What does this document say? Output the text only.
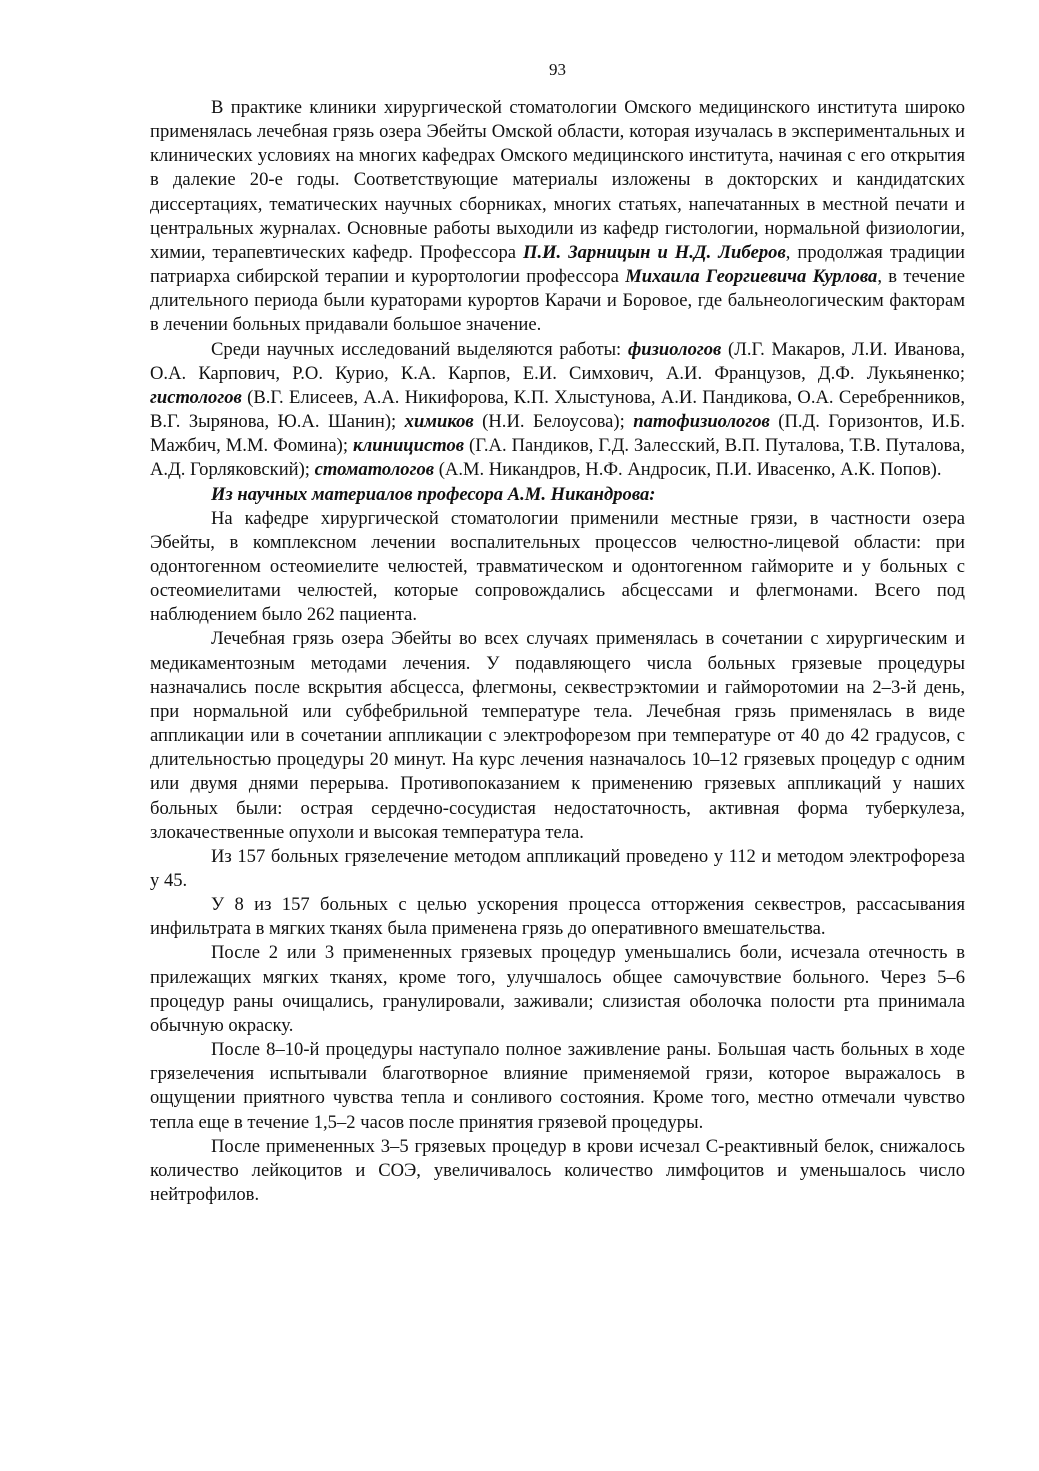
93

В практике клиники хирургической стоматологии Омского медицинского института широко применялась лечебная грязь озера Эбейты Омской области, которая изучалась в экспериментальных и клинических условиях на многих кафедрах Омского медицинского института, начиная с его открытия в далекие 20-е годы. Соответствующие материалы изложены в докторских и кандидатских диссертациях, тематических научных сборниках, многих статьях, напечатанных в местной печати и центральных журналах. Основные работы выходили из кафедр гистологии, нормальной физиологии, химии, терапевтических кафедр. Профессора П.И. Зарницын и Н.Д. Либеров, продолжая традиции патриарха сибирской терапии и курортологии профессора Михаила Георгиевича Курлова, в течение длительного периода были кураторами курортов Карачи и Боровое, где бальнеологическим факторам в лечении больных придавали большое значение.

Среди научных исследований выделяются работы: физиологов (Л.Г. Макаров, Л.И. Иванова, О.А. Карпович, Р.О. Курио, К.А. Карпов, Е.И. Симхович, А.И. Французов, Д.Ф. Лукьяненко; гистологов (В.Г. Елисеев, А.А. Никифорова, К.П. Хлыстунова, А.И. Пандикова, О.А. Серебренников, В.Г. Зырянова, Ю.А. Шанин); химиков (Н.И. Белоусова); патофизиологов (П.Д. Горизонтов, И.Б. Мажбич, М.М. Фомина); клиницистов (Г.А. Пандиков, Г.Д. Залесский, В.П. Путалова, Т.В. Путалова, А.Д. Горляковский); стоматологов (А.М. Никандров, Н.Ф. Андросик, П.И. Ивасенко, А.К. Попов).

Из научных материалов професора А.М. Никандрова:

На кафедре хирургической стоматологии применили местные грязи, в частности озера Эбейты, в комплексном лечении воспалительных процессов челюстно-лицевой области: при одонтогенном остеомиелите челюстей, травматическом и одонтогенном гайморите и у больных с остеомиелитами челюстей, которые сопровождались абсцессами и флегмонами. Всего под наблюдением было 262 пациента.

Лечебная грязь озера Эбейты во всех случаях применялась в сочетании с хирургическим и медикаментозным методами лечения. У подавляющего числа больных грязевые процедуры назначались после вскрытия абсцесса, флегмоны, секвестрэктомии и гайморотомии на 2–3-й день, при нормальной или субфебрильной температуре тела. Лечебная грязь применялась в виде аппликации или в сочетании аппликации с электрофорезом при температуре от 40 до 42 градусов, с длительностью процедуры 20 минут. На курс лечения назначалось 10–12 грязевых процедур с одним или двумя днями перерыва. Противопоказанием к применению грязевых аппликаций у наших больных были: острая сердечно-сосудистая недостаточность, активная форма туберкулеза, злокачественные опухоли и высокая температура тела.

Из 157 больных грязелечение методом аппликаций проведено у 112 и методом электрофореза у 45.

У 8 из 157 больных с целью ускорения процесса отторжения секвестров, рассасывания инфильтрата в мягких тканях была применена грязь до оперативного вмешательства.

После 2 или 3 примененных грязевых процедур уменьшались боли, исчезала отечность в прилежащих мягких тканях, кроме того, улучшалось общее самочувствие больного. Через 5–6 процедур раны очищались, гранулировали, заживали; слизистая оболочка полости рта принимала обычную окраску.

После 8–10-й процедуры наступало полное заживление раны. Большая часть больных в ходе грязелечения испытывали благотворное влияние применяемой грязи, которое выражалось в ощущении приятного чувства тепла и сонливого состояния. Кроме того, местно отмечали чувство тепла еще в течение 1,5–2 часов после принятия грязевой процедуры.

После примененных 3–5 грязевых процедур в крови исчезал С-реактивный белок, снижалось количество лейкоцитов и СОЭ, увеличивалось количество лимфоцитов и уменьшалось число нейтрофилов.
